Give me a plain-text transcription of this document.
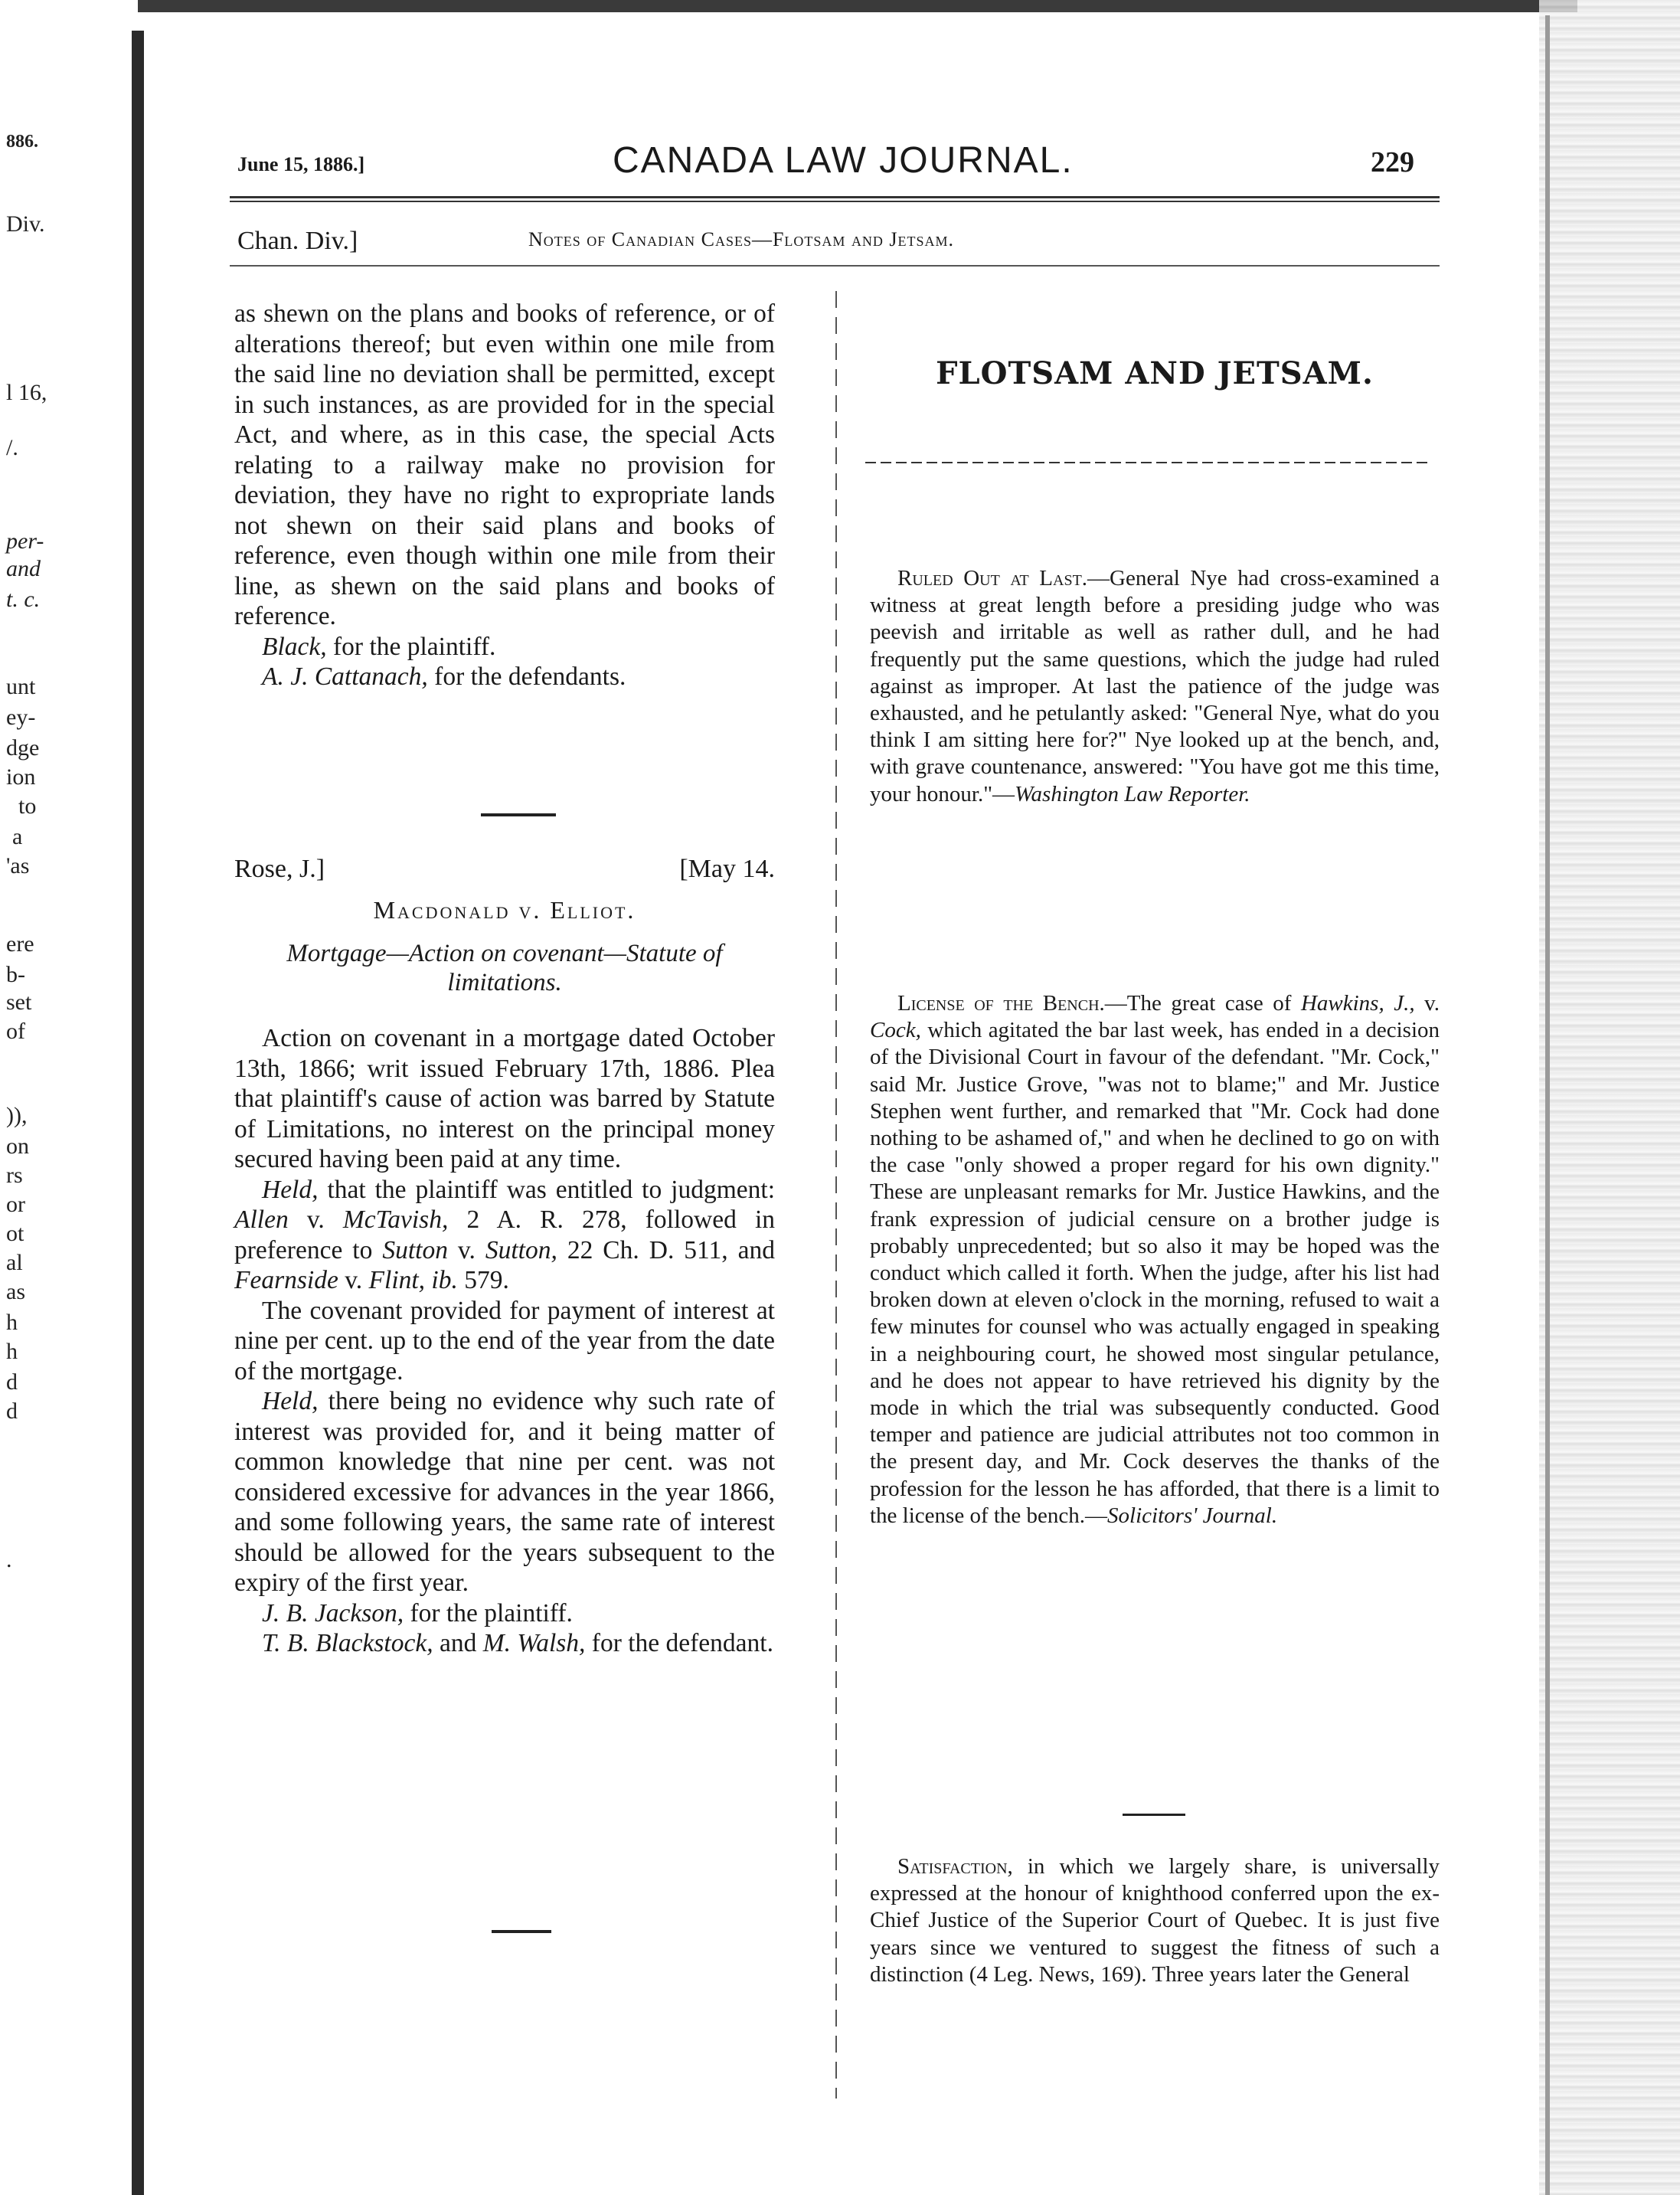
886.
Div.
l 16,
/.
per-
and
t. c.
unt
ey-
dge
ion
to
a
'as
ere
b-
set
of
)),
on
rs
or
ot
al
as
h
h
d
d
.
June 15, 1886.]	CANADA LAW JOURNAL.	229
Chan. Div.]	Notes of Canadian Cases—Flotsam and Jetsam.

as shewn on the plans and books of reference, or of alterations thereof; but even within one mile from the said line no deviation shall be permitted, except in such instances, as are provided for in the special Act, and where, as in this case, the special Acts relating to a railway make no provision for deviation, they have no right to expropriate lands not shewn on their said plans and books of reference, even though within one mile from their line, as shewn on the said plans and books of reference.

Black, for the plaintiff.

A. J. Cattanach, for the defendants.

Rose, J.]	[May 14.
Macdonald v. Elliot.
Mortgage—Action on covenant—Statute of limitations.

Action on covenant in a mortgage dated October 13th, 1866; writ issued February 17th, 1886. Plea that plaintiff's cause of action was barred by Statute of Limitations, no interest on the principal money secured having been paid at any time.

Held, that the plaintiff was entitled to judgment: Allen v. McTavish, 2 A. R. 278, followed in preference to Sutton v. Sutton, 22 Ch. D. 511, and Fearnside v. Flint, ib. 579.

The covenant provided for payment of interest at nine per cent. up to the end of the year from the date of the mortgage.

Held, there being no evidence why such rate of interest was provided for, and it being matter of common knowledge that nine per cent. was not considered excessive for advances in the year 1866, and some following years, the same rate of interest should be allowed for the years subsequent to the expiry of the first year.

J. B. Jackson, for the plaintiff.

T. B. Blackstock, and M. Walsh, for the defendant.

FLOTSAM AND JETSAM.

Ruled Out at Last.—General Nye had cross-examined a witness at great length before a presiding judge who was peevish and irritable as well as rather dull, and he had frequently put the same questions, which the judge had ruled against as improper. At last the patience of the judge was exhausted, and he petulantly asked: "General Nye, what do you think I am sitting here for?" Nye looked up at the bench, and, with grave countenance, answered: "You have got me this time, your honour."—Washington Law Reporter.

License of the Bench.—The great case of Hawkins, J., v. Cock, which agitated the bar last week, has ended in a decision of the Divisional Court in favour of the defendant. "Mr. Cock," said Mr. Justice Grove, "was not to blame;" and Mr. Justice Stephen went further, and remarked that "Mr. Cock had done nothing to be ashamed of," and when he declined to go on with the case "only showed a proper regard for his own dignity." These are unpleasant remarks for Mr. Justice Hawkins, and the frank expression of judicial censure on a brother judge is probably unprecedented; but so also it may be hoped was the conduct which called it forth. When the judge, after his list had broken down at eleven o'clock in the morning, refused to wait a few minutes for counsel who was actually engaged in speaking in a neighbouring court, he showed most singular petulance, and he does not appear to have retrieved his dignity by the mode in which the trial was subsequently conducted. Good temper and patience are judicial attributes not too common in the present day, and Mr. Cock deserves the thanks of the profession for the lesson he has afforded, that there is a limit to the license of the bench.—Solicitors' Journal.

Satisfaction, in which we largely share, is universally expressed at the honour of knighthood conferred upon the ex-Chief Justice of the Superior Court of Quebec. It is just five years since we ventured to suggest the fitness of such a distinction (4 Leg. News, 169). Three years later the General
